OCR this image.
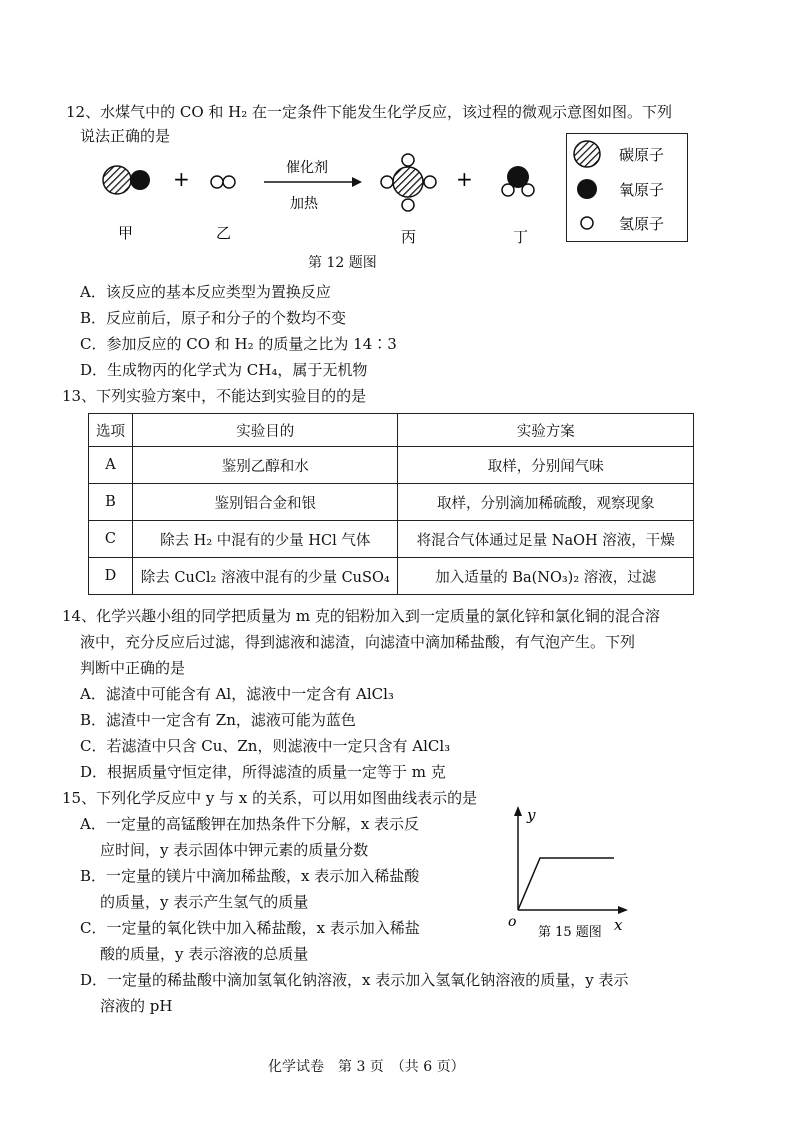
12、水煤气中的 CO 和 H₂ 在一定条件下能发生化学反应，该过程的微观示意图如图。下列
说法正确的是
+	催化剂
加热
+
甲	乙	丙	丁
碳原子
氧原子
氢原子
第 12 题图
A．该反应的基本反应类型为置换反应
B．反应前后，原子和分子的个数均不变
C．参加反应的 CO 和 H₂ 的质量之比为 14∶3
D．生成物丙的化学式为 CH₄，属于无机物
13、下列实验方案中，不能达到实验目的的是
选项	实验目的	实验方案
A	鉴别乙醇和水	取样，分别闻气味
B	鉴别铝合金和银	取样，分别滴加稀硫酸，观察现象
C	除去 H₂ 中混有的少量 HCl 气体	将混合气体通过足量 NaOH 溶液，干燥
D	除去 CuCl₂ 溶液中混有的少量 CuSO₄	加入适量的 Ba(NO₃)₂ 溶液，过滤
14、化学兴趣小组的同学把质量为 m 克的铝粉加入到一定质量的氯化锌和氯化铜的混合溶
液中，充分反应后过滤，得到滤液和滤渣，向滤渣中滴加稀盐酸，有气泡产生。下列
判断中正确的是
A．滤渣中可能含有 Al，滤液中一定含有 AlCl₃
B．滤渣中一定含有 Zn，滤液可能为蓝色
C．若滤渣中只含 Cu、Zn，则滤液中一定只含有 AlCl₃
D．根据质量守恒定律，所得滤渣的质量一定等于 m 克
15、下列化学反应中 y 与 x 的关系，可以用如图曲线表示的是
A．一定量的高锰酸钾在加热条件下分解，x 表示反
应时间，y 表示固体中钾元素的质量分数
B．一定量的镁片中滴加稀盐酸，x 表示加入稀盐酸
的质量，y 表示产生氢气的质量
C．一定量的氧化铁中加入稀盐酸，x 表示加入稀盐
酸的质量，y 表示溶液的总质量
D．一定量的稀盐酸中滴加氢氧化钠溶液，x 表示加入氢氧化钠溶液的质量，y 表示
溶液的 pH
y
x
o
第 15 题图
化学试卷　第 3 页　（共 6 页）
